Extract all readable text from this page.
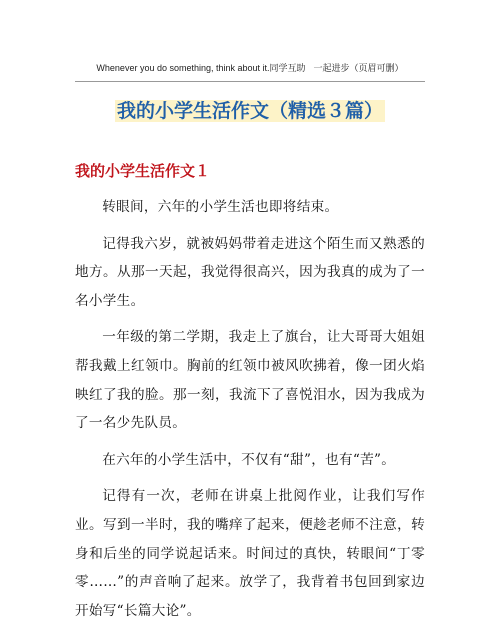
Whenever you do something, think about it.同学互助 一起进步（页眉可删）
我的小学生活作文（精选３篇）
我的小学生活作文１

转眼间，六年的小学生活也即将结束。

记得我六岁，就被妈妈带着走进这个陌生而又熟悉的地方。从那一天起，我觉得很高兴，因为我真的成为了一名小学生。

一年级的第二学期，我走上了旗台，让大哥哥大姐姐帮我戴上红领巾。胸前的红领巾被风吹拂着，像一团火焰映红了我的脸。那一刻，我流下了喜悦泪水，因为我成为了一名少先队员。

在六年的小学生活中，不仅有“甜”，也有“苦”。

记得有一次，老师在讲桌上批阅作业，让我们写作业。写到一半时，我的嘴痒了起来，便趁老师不注意，转身和后坐的同学说起话来。时间过的真快，转眼间“丁零零……”的声音响了起来。放学了，我背着书包回到家边开始写“长篇大论”。
